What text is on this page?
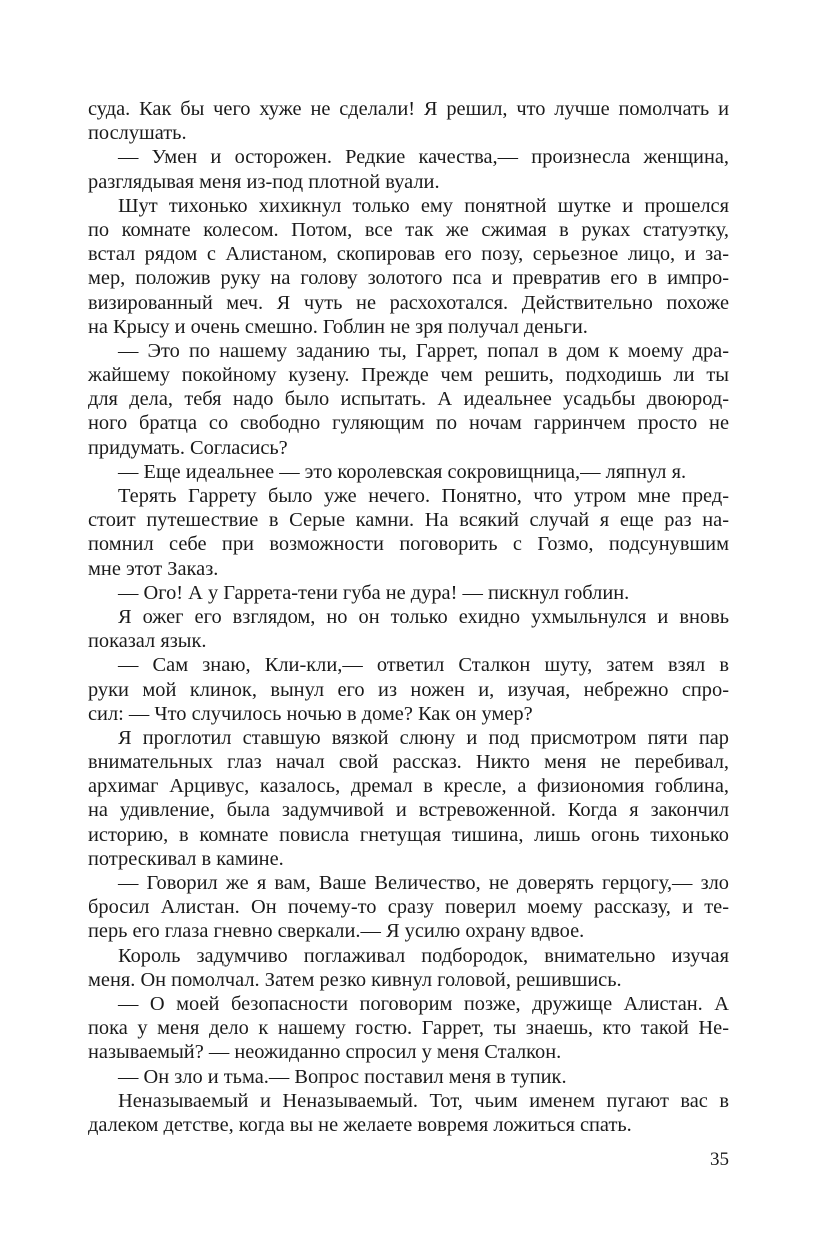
суда. Как бы чего хуже не сделали! Я решил, что лучше помолчать и
послушать.
— Умен и осторожен. Редкие качества,— произнесла женщина,
разглядывая меня из-под плотной вуали.
Шут тихонько хихикнул только ему понятной шутке и прошелся
по комнате колесом. Потом, все так же сжимая в руках статуэтку,
встал рядом с Алистаном, скопировав его позу, серьезное лицо, и за-
мер, положив руку на голову золотого пса и превратив его в импро-
визированный меч. Я чуть не расхохотался. Действительно похоже
на Крысу и очень смешно. Гоблин не зря получал деньги.
— Это по нашему заданию ты, Гаррет, попал в дом к моему дра-
жайшему покойному кузену. Прежде чем решить, подходишь ли ты
для дела, тебя надо было испытать. А идеальнее усадьбы двоюрод-
ного братца со свободно гуляющим по ночам гарринчем просто не
придумать. Согласись?
— Еще идеальнее — это королевская сокровищница,— ляпнул я.
Терять Гаррету было уже нечего. Понятно, что утром мне пред-
стоит путешествие в Серые камни. На всякий случай я еще раз на-
помнил себе при возможности поговорить с Гозмо, подсунувшим
мне этот Заказ.
— Ого! А у Гаррета-тени губа не дура! — пискнул гоблин.
Я ожег его взглядом, но он только ехидно ухмыльнулся и вновь
показал язык.
— Сам знаю, Кли-кли,— ответил Сталкон шуту, затем взял в
руки мой клинок, вынул его из ножен и, изучая, небрежно спро-
сил: — Что случилось ночью в доме? Как он умер?
Я проглотил ставшую вязкой слюну и под присмотром пяти пар
внимательных глаз начал свой рассказ. Никто меня не перебивал,
архимаг Арцивус, казалось, дремал в кресле, а физиономия гоблина,
на удивление, была задумчивой и встревоженной. Когда я закончил
историю, в комнате повисла гнетущая тишина, лишь огонь тихонько
потрескивал в камине.
— Говорил же я вам, Ваше Величество, не доверять герцогу,— зло
бросил Алистан. Он почему-то сразу поверил моему рассказу, и те-
перь его глаза гневно сверкали.— Я усилю охрану вдвое.
Король задумчиво поглаживал подбородок, внимательно изучая
меня. Он помолчал. Затем резко кивнул головой, решившись.
— О моей безопасности поговорим позже, дружище Алистан. А
пока у меня дело к нашему гостю. Гаррет, ты знаешь, кто такой Не-
называемый? — неожиданно спросил у меня Сталкон.
— Он зло и тьма.— Вопрос поставил меня в тупик.
Неназываемый и Неназываемый. Тот, чьим именем пугают вас в
далеком детстве, когда вы не желаете вовремя ложиться спать.
35
